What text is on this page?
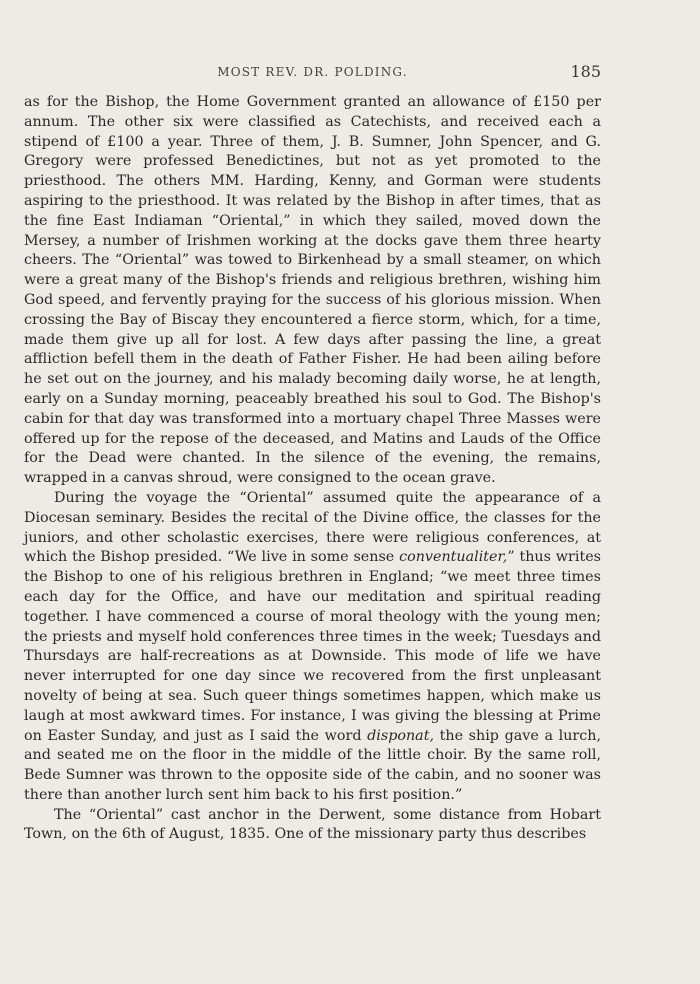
MOST REV. DR. POLDING.	185

as for the Bishop, the Home Government granted an allowance of £150 per annum. The other six were classified as Catechists, and received each a stipend of £100 a year. Three of them, J. B. Sumner, John Spencer, and G. Gregory were professed Benedictines, but not as yet promoted to the priesthood. The others MM. Harding, Kenny, and Gorman were students aspiring to the priesthood. It was related by the Bishop in after times, that as the fine East Indiaman “Oriental,” in which they sailed, moved down the Mersey, a number of Irishmen working at the docks gave them three hearty cheers. The “Oriental” was towed to Birkenhead by a small steamer, on which were a great many of the Bishop's friends and religious brethren, wishing him God speed, and fervently praying for the success of his glorious mission. When crossing the Bay of Biscay they encountered a fierce storm, which, for a time, made them give up all for lost. A few days after passing the line, a great affliction befell them in the death of Father Fisher. He had been ailing before he set out on the journey, and his malady becoming daily worse, he at length, early on a Sunday morning, peaceably breathed his soul to God. The Bishop's cabin for that day was transformed into a mortuary chapel Three Masses were offered up for the repose of the deceased, and Matins and Lauds of the Office for the Dead were chanted. In the silence of the evening, the remains, wrapped in a canvas shroud, were consigned to the ocean grave.

During the voyage the “Oriental” assumed quite the appearance of a Diocesan seminary. Besides the recital of the Divine office, the classes for the juniors, and other scholastic exercises, there were religious conferences, at which the Bishop presided. “We live in some sense conventualiter,” thus writes the Bishop to one of his religious brethren in England; “we meet three times each day for the Office, and have our meditation and spiritual reading together. I have commenced a course of moral theology with the young men; the priests and myself hold conferences three times in the week; Tuesdays and Thursdays are half-recreations as at Downside. This mode of life we have never interrupted for one day since we recovered from the first unpleasant novelty of being at sea. Such queer things sometimes happen, which make us laugh at most awkward times. For instance, I was giving the blessing at Prime on Easter Sunday, and just as I said the word disponat, the ship gave a lurch, and seated me on the floor in the middle of the little choir. By the same roll, Bede Sumner was thrown to the opposite side of the cabin, and no sooner was there than another lurch sent him back to his first position.”

The “Oriental” cast anchor in the Derwent, some distance from Hobart Town, on the 6th of August, 1835. One of the missionary party thus describes
